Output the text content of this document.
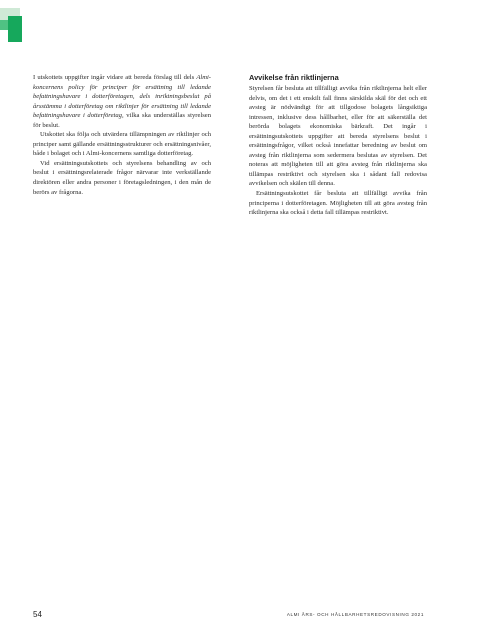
I utskottets uppgifter ingår vidare att bereda förslag till dels Almi-koncernens policy för principer för ersättning till ledande befattningshavare i dotterföretagen, dels inriktningsbeslut på årsstämma i dotterföretag om riktlinjer för ersättning till ledande befattningshavare i dotterföretag, vilka ska underställas styrelsen för beslut.

Utskottet ska följa och utvärdera tillämpningen av riktlinjer och principer samt gällande ersättningsstrukturer och ersättningsnivåer, både i bolaget och i Almi-koncernens samtliga dotterföretag.

Vid ersättningsutskottets och styrelsens behandling av och beslut i ersättningsrelaterade frågor närvarar inte verkställande direktören eller andra personer i företagsledningen, i den mån de berörs av frågorna.

Avvikelse från riktlinjerna

Styrelsen får besluta att tillfälligt avvika från riktlinjerna helt eller delvis, om det i ett enskilt fall finns särskilda skäl för det och ett avsteg är nödvändigt för att tillgodose bolagets långsiktiga intressen, inklusive dess hållbarhet, eller för att säkerställa det berörda bolagets ekonomiska bärkraft. Det ingår i ersättningsutskottets uppgifter att bereda styrelsens beslut i ersättningsfrågor, vilket också innefattar beredning av beslut om avsteg från riktlinjerna som sedermera beslutas av styrelsen. Det noteras att möjligheten till att göra avsteg från riktlinjerna ska tillämpas restriktivt och styrelsen ska i sådant fall redovisa avvikelsen och skälen till denna.

Ersättningsutskottet får besluta att tillfälligt avvika från principerna i dotterföretagen. Möjligheten till att göra avsteg från riktlinjerna ska också i detta fall tillämpas restriktivt.

54	ALMI ÅRS- OCH HÅLLBARHETSREDOVISNING 2021
